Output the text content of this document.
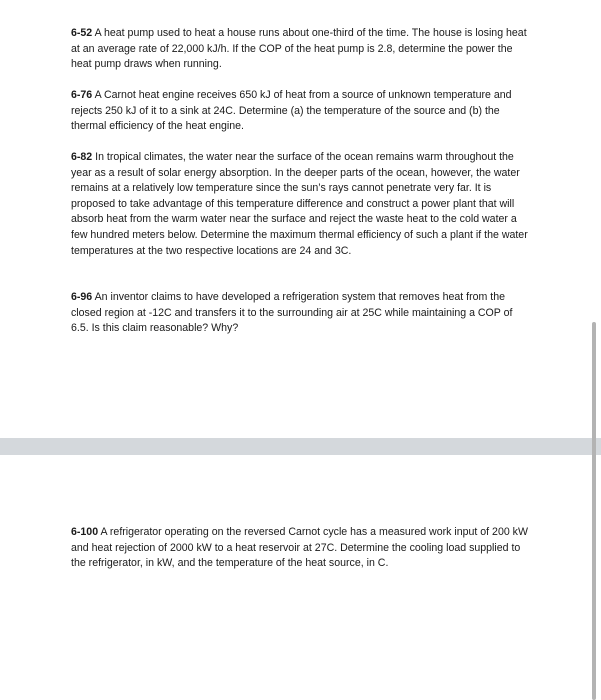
6-52 A heat pump used to heat a house runs about one-third of the time. The house is losing heat at an average rate of 22,000 kJ/h. If the COP of the heat pump is 2.8, determine the power the heat pump draws when running.

6-76 A Carnot heat engine receives 650 kJ of heat from a source of unknown temperature and rejects 250 kJ of it to a sink at 24C. Determine (a) the temperature of the source and (b) the thermal efficiency of the heat engine.

6-82 In tropical climates, the water near the surface of the ocean remains warm throughout the year as a result of solar energy absorption. In the deeper parts of the ocean, however, the water remains at a relatively low temperature since the sun’s rays cannot penetrate very far. It is proposed to take advantage of this temperature difference and construct a power plant that will absorb heat from the warm water near the surface and reject the waste heat to the cold water a few hundred meters below. Determine the maximum thermal efficiency of such a plant if the water temperatures at the two respective locations are 24 and 3C.

6-96 An inventor claims to have developed a refrigeration system that removes heat from the closed region at -12C and transfers it to the surrounding air at 25C while maintaining a COP of 6.5. Is this claim reasonable? Why?

6-100 A refrigerator operating on the reversed Carnot cycle has a measured work input of 200 kW and heat rejection of 2000 kW to a heat reservoir at 27C. Determine the cooling load supplied to the refrigerator, in kW, and the temperature of the heat source, in C.
